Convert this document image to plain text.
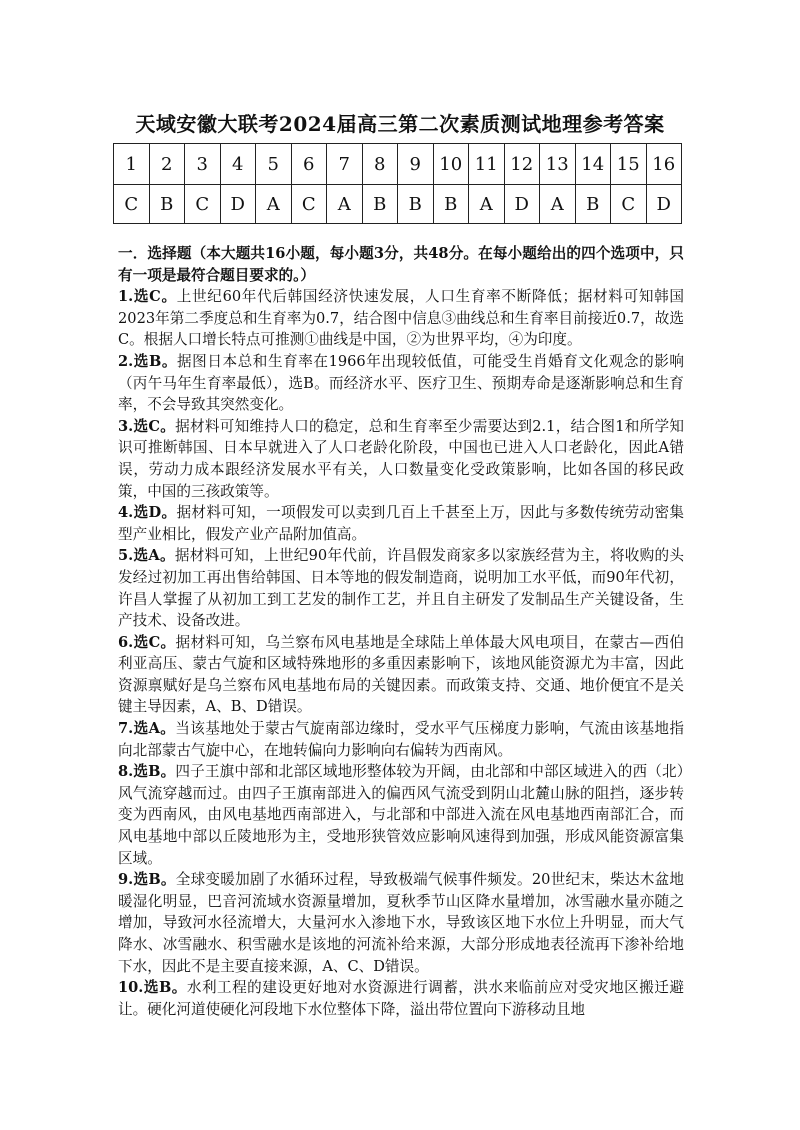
天域安徽大联考2024届高三第二次素质测试地理参考答案
1	2	3	4	5	6	7	8	9	10	11	12	13	14	15	16
C	B	C	D	A	C	A	B	B	B	A	D	A	B	C	D

一．选择题（本大题共16小题，每小题3分，共48分。在每小题给出的四个选项中，只有一项是最符合题目要求的。）

1.选C。上世纪60年代后韩国经济快速发展，人口生育率不断降低；据材料可知韩国2023年第二季度总和生育率为0.7，结合图中信息③曲线总和生育率目前接近0.7，故选C。根据人口增长特点可推测①曲线是中国，②为世界平均，④为印度。

2.选B。据图日本总和生育率在1966年出现较低值，可能受生肖婚育文化观念的影响（丙午马年生育率最低），选B。而经济水平、医疗卫生、预期寿命是逐渐影响总和生育率，不会导致其突然变化。

3.选C。据材料可知维持人口的稳定，总和生育率至少需要达到2.1，结合图1和所学知识可推断韩国、日本早就进入了人口老龄化阶段，中国也已进入人口老龄化，因此A错误，劳动力成本跟经济发展水平有关，人口数量变化受政策影响，比如各国的移民政策，中国的三孩政策等。

4.选D。据材料可知，一项假发可以卖到几百上千甚至上万，因此与多数传统劳动密集型产业相比，假发产业产品附加值高。

5.选A。据材料可知，上世纪90年代前，许昌假发商家多以家族经营为主，将收购的头发经过初加工再出售给韩国、日本等地的假发制造商，说明加工水平低，而90年代初，许昌人掌握了从初加工到工艺发的制作工艺，并且自主研发了发制品生产关键设备，生产技术、设备改进。

6.选C。据材料可知，乌兰察布风电基地是全球陆上单体最大风电项目，在蒙古—西伯利亚高压、蒙古气旋和区域特殊地形的多重因素影响下，该地风能资源尤为丰富，因此资源禀赋好是乌兰察布风电基地布局的关键因素。而政策支持、交通、地价便宜不是关键主导因素，A、B、D错误。

7.选A。当该基地处于蒙古气旋南部边缘时，受水平气压梯度力影响，气流由该基地指向北部蒙古气旋中心，在地转偏向力影响向右偏转为西南风。

8.选B。四子王旗中部和北部区域地形整体较为开阔，由北部和中部区域进入的西（北）风气流穿越而过。由四子王旗南部进入的偏西风气流受到阴山北麓山脉的阻挡，逐步转变为西南风，由风电基地西南部进入，与北部和中部进入流在风电基地西南部汇合，而风电基地中部以丘陵地形为主，受地形狭管效应影响风速得到加强，形成风能资源富集区域。

9.选B。全球变暖加剧了水循环过程，导致极端气候事件频发。20世纪末，柴达木盆地暖湿化明显，巴音河流域水资源量增加，夏秋季节山区降水量增加，冰雪融水量亦随之增加，导致河水径流增大，大量河水入渗地下水，导致该区地下水位上升明显，而大气降水、冰雪融水、积雪融水是该地的河流补给来源，大部分形成地表径流再下渗补给地下水，因此不是主要直接来源，A、C、D错误。

10.选B。水利工程的建设更好地对水资源进行调蓄，洪水来临前应对受灾地区搬迁避让。硬化河道使硬化河段地下水位整体下降，溢出带位置向下游移动且地
